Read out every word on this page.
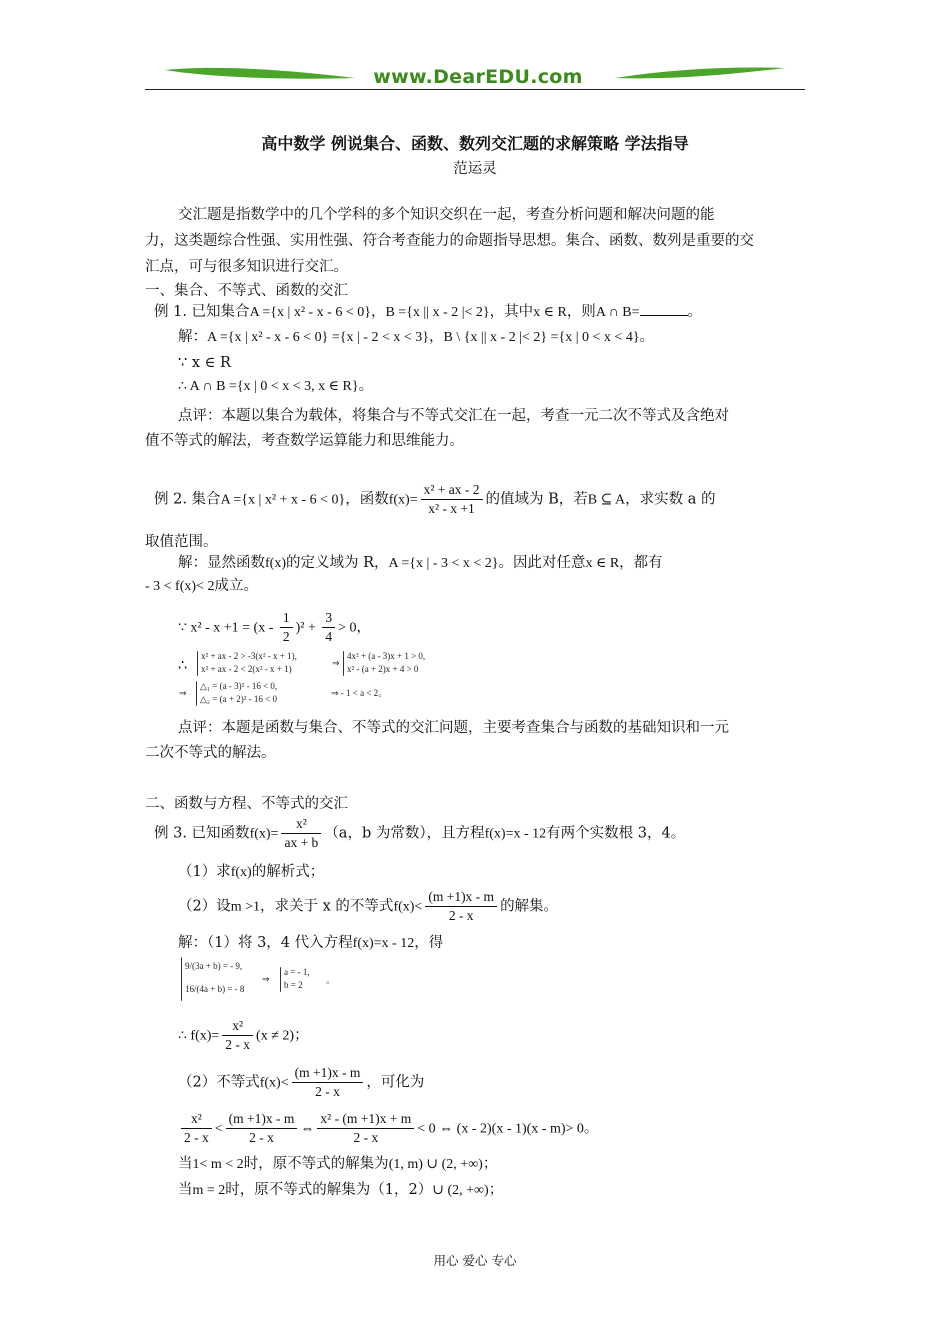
www.DearEDU.com
高中数学 例说集合、函数、数列交汇题的求解策略 学法指导
范运灵
交汇题是指数学中的几个学科的多个知识交织在一起，考查分析问题和解决问题的能
力，这类题综合性强、实用性强、符合考查能力的命题指导思想。集合、函数、数列是重要的交
汇点，可与很多知识进行交汇。
一、集合、不等式、函数的交汇
例 1. 已知集合A ={x | x² - x - 6 < 0}，B ={x || x - 2 |< 2}，其中x ∈ R，则A ∩ B=	。
解：A ={x | x² - x - 6 < 0} ={x | - 2 < x < 3}，B \ {x || x - 2 |< 2} ={x | 0 < x < 4}。
∵ x ∈ R
∴ A ∩ B ={x | 0 < x < 3, x ∈ R}。
点评：本题以集合为载体，将集合与不等式交汇在一起，考查一元二次不等式及含绝对
值不等式的解法，考查数学运算能力和思维能力。
例 2. 集合A ={x | x² + x - 6 < 0}，函数$f(x)= \frac{\text{x² + ax - 2}}{\text{x² - x +1}}$ 的值域为 B，若B ⊆ A，求实数 a 的
取值范围。
解：显然函数f(x)的定义域为 R，A ={x | - 3 < x < 2}。因此对任意x ∈ R，都有
- 3 < f(x)< 2成立。
∵ $x^2 - x +1 = (x - \frac{1}{2} )^2 + \frac{3}{4} > 0$，
∴
x² + ax - 2 > -3(x² - x + 1),
x² + ax - 2 < 2(x² - x + 1)
⇒
4x² + (a - 3)x + 1 > 0,
x² - (a + 2)x + 4 > 0
⇒
△₁ = (a - 3)² - 16 < 0,
△₂ = (a + 2)² - 16 < 0
⇒ - 1 < a < 2。
点评：本题是函数与集合、不等式的交汇问题，主要考查集合与函数的基础知识和一元
二次不等式的解法。
二、函数与方程、不等式的交汇
例 3. 已知函数$f(x)= \frac{\text{x²}}{ax + b} (a$，b 为常数），且方程f(x)=x - 12有两个实数根 3，4。
（1）求f(x)的解析式；
（2）设m >1，求关于 x 的不等式$f(x)< \frac{(m +1)x - m}{2 - x}$ 的解集。
解：（1）将 3，4 代入方程f(x)=x - 12，得
9/(3a + b) = - 9,
16/(4a + b) = - 8
⇒
a = - 1,
b = 2	。
∴ $f(x)= \frac{\text{x²}}{2 - x} (x \ne 2)$；
（2）不等式$f(x)< \frac{(m +1)x - m}{2 - x}$ ，可化为
$\frac{\text{x²}}{2 - x} < \frac{(m +1)x - m}{2 - x}$ ⇔ $\frac{\text{x² - (m +1)x + m}}{2 - x} < 0$ ⇔ (x - 2)(x - 1)(x - m)> 0。
当1< m < 2时，原不等式的解集为(1, m) ∪ (2, +∞)；
当m = 2时，原不等式的解集为（1，2）∪ (2, +∞)；
用心 爱心 专心
